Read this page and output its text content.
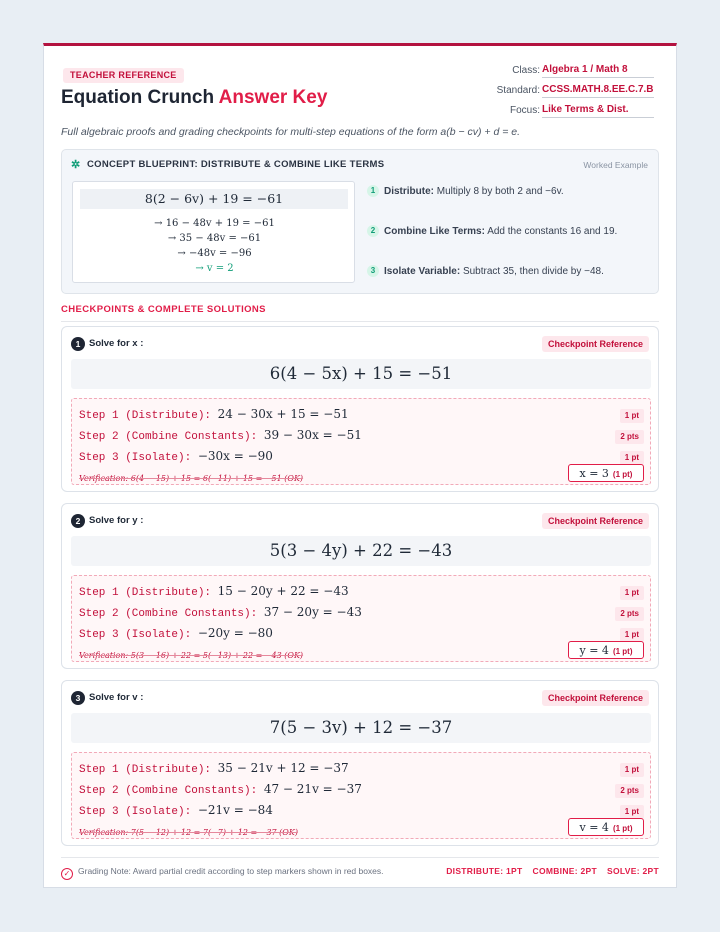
TEACHER REFERENCE
Equation Crunch Answer Key
Class: Algebra 1 / Math 8
Standard: CCSS.MATH.8.EE.C.7.B
Focus: Like Terms & Dist.
Full algebraic proofs and grading checkpoints for multi-step equations of the form a(b − cv) + d = e.
✲ CONCEPT BLUEPRINT: DISTRIBUTE & COMBINE LIKE TERMS	Worked Example
8(2 − 6v) + 19 = −61
→ 16 − 48v + 19 = −61
→ 35 − 48v = −61
→ −48v = −96
→ v = 2
1 Distribute: Multiply 8 by both 2 and −6v.
2 Combine Like Terms: Add the constants 16 and 19.
3 Isolate Variable: Subtract 35, then divide by −48.
CHECKPOINTS & COMPLETE SOLUTIONS
1 Solve for x :	Checkpoint Reference
6(4 − 5x) + 15 = −51
Step 1 (Distribute): 24 − 30x + 15 = −51	1 pt
Step 2 (Combine Constants): 39 − 30x = −51	2 pts
Step 3 (Isolate): −30x = −90	1 pt
Verification: 6(4 − 15) + 15 = 6(−11) + 15 = −51 (OK)	x = 3 (1 pt)
2 Solve for y :	Checkpoint Reference
5(3 − 4y) + 22 = −43
Step 1 (Distribute): 15 − 20y + 22 = −43	1 pt
Step 2 (Combine Constants): 37 − 20y = −43	2 pts
Step 3 (Isolate): −20y = −80	1 pt
Verification: 5(3 − 16) + 22 = 5(−13) + 22 = −43 (OK)	y = 4 (1 pt)
3 Solve for v :	Checkpoint Reference
7(5 − 3v) + 12 = −37
Step 1 (Distribute): 35 − 21v + 12 = −37	1 pt
Step 2 (Combine Constants): 47 − 21v = −37	2 pts
Step 3 (Isolate): −21v = −84	1 pt
Verification: 7(5 − 12) + 12 = 7(−7) + 12 = −37 (OK)	v = 4 (1 pt)
✓ Grading Note: Award partial credit according to step markers shown in red boxes.	DISTRIBUTE: 1PT COMBINE: 2PT SOLVE: 2PT
